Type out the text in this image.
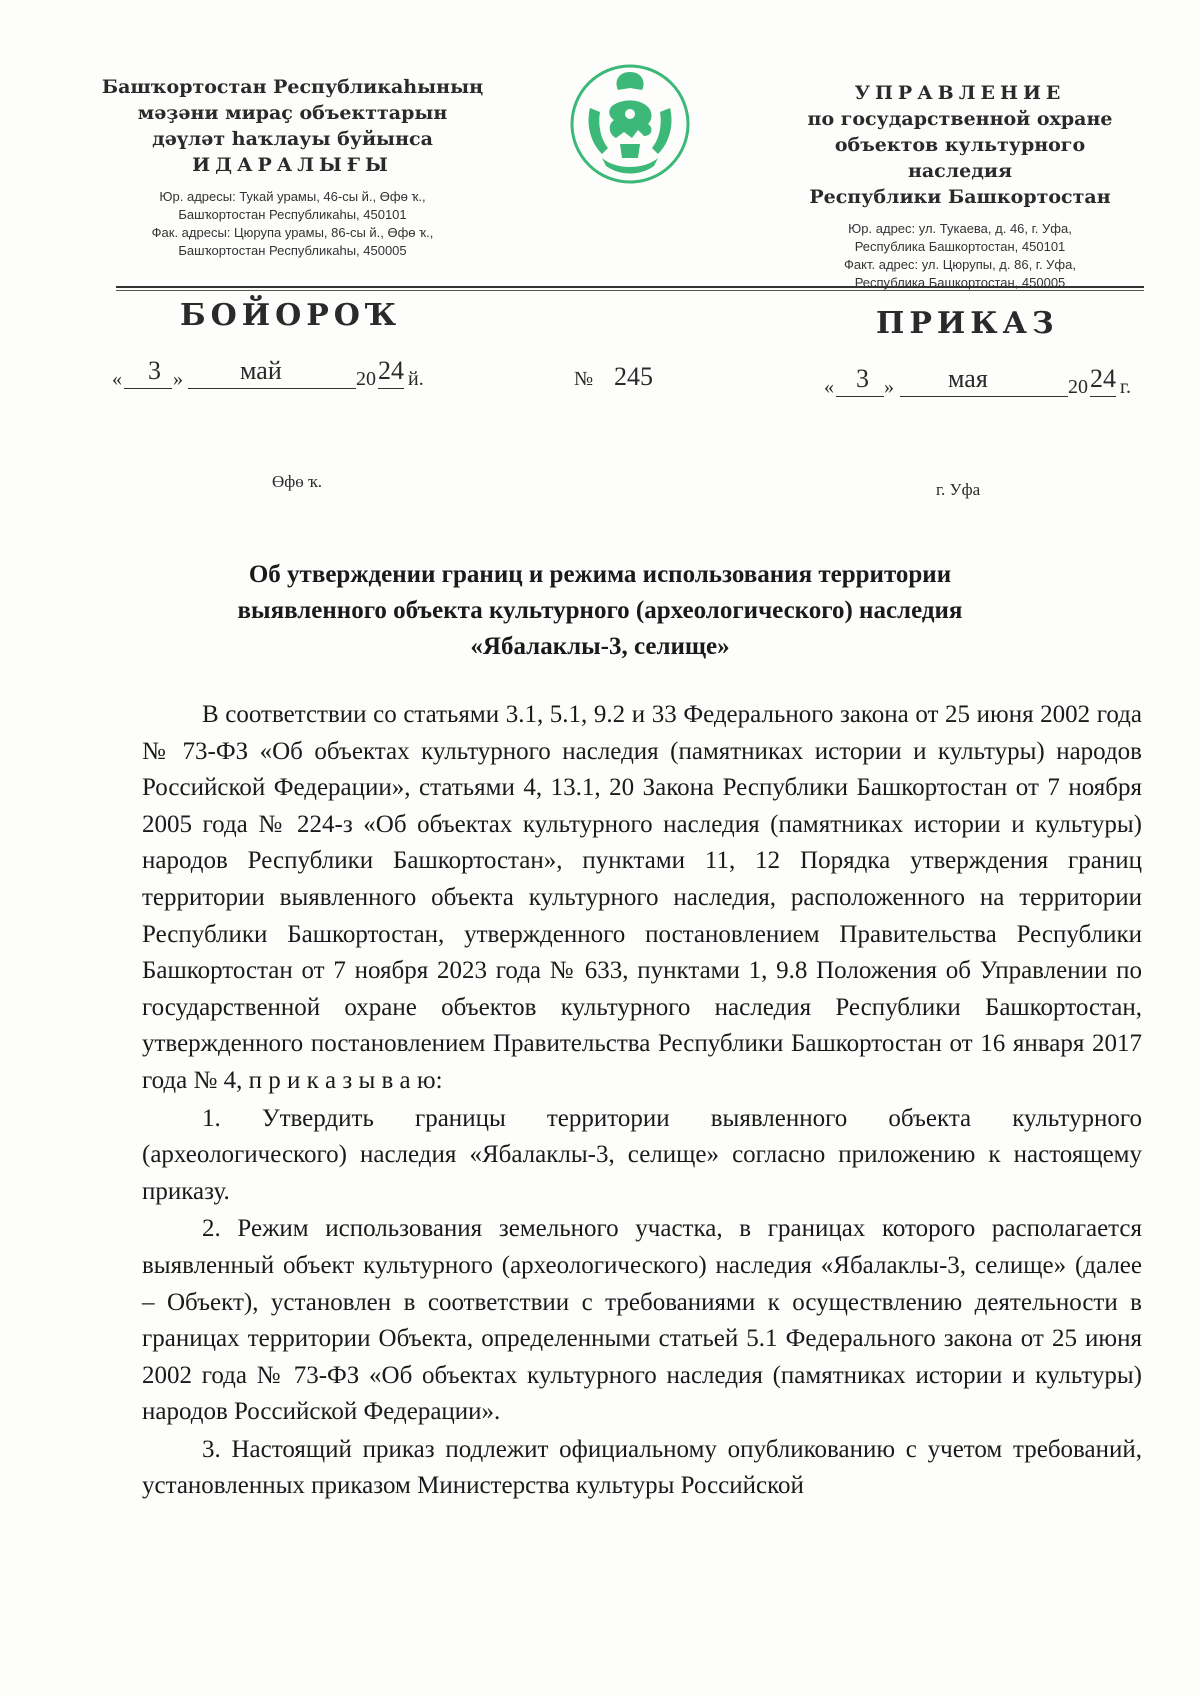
Башҡортостан Республикаһының
мәҙәни мираҫ объекттарын
дәүләт һаҡлауы буйынса
ИДАРАЛЫҒЫ
Юр. адресы: Тукай урамы, 46-сы й., Өфө ҡ.,
Башҡортостан Республикаһы, 450101
Фак. адресы: Цюрупа урамы, 86-сы й., Өфө ҡ.,
Башҡортостан Республикаһы, 450005
УПРАВЛЕНИЕ
по государственной охране
объектов культурного наследия
Республики Башкортостан
Юр. адрес: ул. Тукаева, д. 46, г. Уфа,
Республика Башкортостан, 450101
Факт. адрес: ул. Цюрупы, д. 86, г. Уфа,
Республика Башкортостан, 450005
БОЙОРОҠ	ПРИКАЗ
« 3 » май	20 24 й.	№ 245	« 3 » мая	20 24 г.
Өфө ҡ.	г. Уфа
Об утверждении границ и режима использования территории
выявленного объекта культурного (археологического) наследия
«Ябалаклы-3, селище»

В соответствии со статьями 3.1, 5.1, 9.2 и 33 Федерального закона от 25 июня 2002 года № 73-ФЗ «Об объектах культурного наследия (памятниках истории и культуры) народов Российской Федерации», статьями 4, 13.1, 20 Закона Республики Башкортостан от 7 ноября 2005 года № 224-з «Об объектах культурного наследия (памятниках истории и культуры) народов Республики Башкортостан», пунктами 11, 12 Порядка утверждения границ территории выявленного объекта культурного наследия, расположенного на территории Республики Башкортостан, утвержденного постановлением Правительства Республики Башкортостан от 7 ноября 2023 года № 633, пунктами 1, 9.8 Положения об Управлении по государственной охране объектов культурного наследия Республики Башкортостан, утвержденного постановлением Правительства Республики Башкортостан от 16 января 2017 года № 4, п р и к а з ы в а ю:

1. Утвердить границы территории выявленного объекта культурного (археологического) наследия «Ябалаклы-3, селище» согласно приложению к настоящему приказу.

2. Режим использования земельного участка, в границах которого располагается выявленный объект культурного (археологического) наследия «Ябалаклы-3, селище» (далее – Объект), установлен в соответствии с требованиями к осуществлению деятельности в границах территории Объекта, определенными статьей 5.1 Федерального закона от 25 июня 2002 года № 73-ФЗ «Об объектах культурного наследия (памятниках истории и культуры) народов Российской Федерации».

3. Настоящий приказ подлежит официальному опубликованию с учетом требований, установленных приказом Министерства культуры Российской
